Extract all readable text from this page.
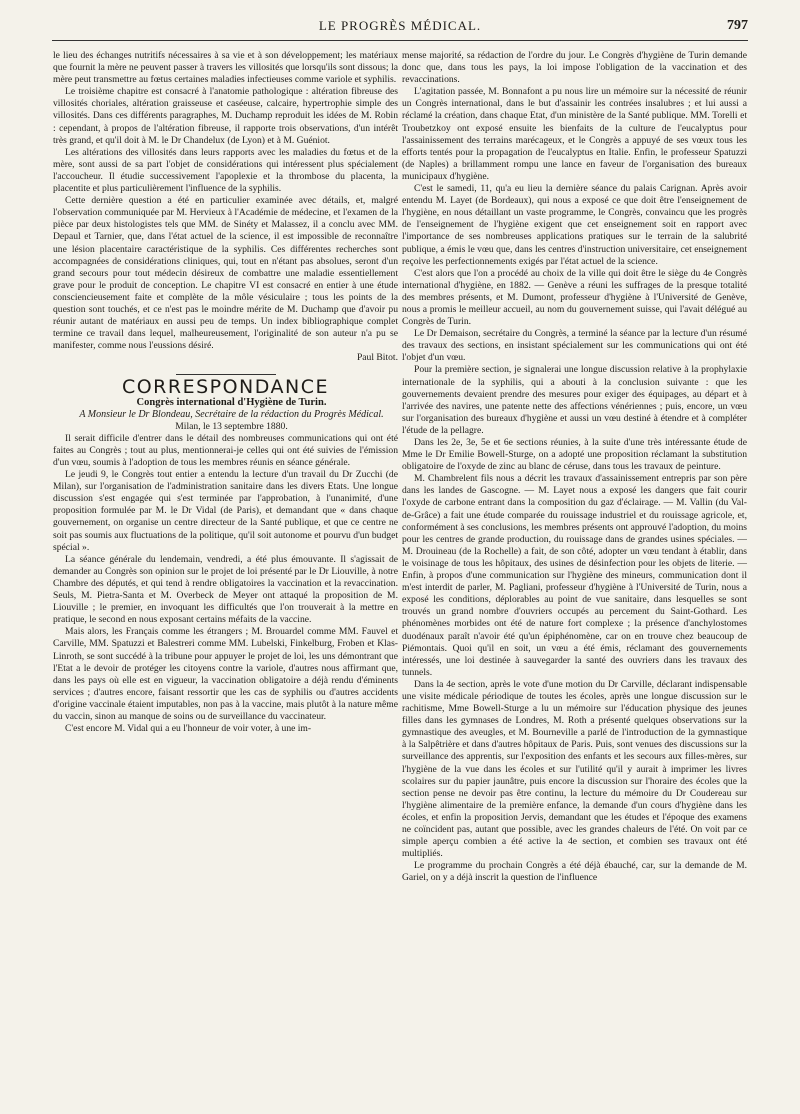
LE PROGRÈS MÉDICAL.	797

le lieu des échanges nutritifs nécessaires à sa vie et à son développement; les matériaux que fournit la mère ne peuvent passer à travers les villosités que lorsqu'ils sont dissous; la mère peut transmettre au fœtus certaines maladies infectieuses comme variole et syphilis.

Le troisième chapitre est consacré à l'anatomie pathologique : altération fibreuse des villosités choriales, altération graisseuse et caséeuse, calcaire, hypertrophie simple des villosités. Dans ces différents paragraphes, M. Duchamp reproduit les idées de M. Robin : cependant, à propos de l'altération fibreuse, il rapporte trois observations, d'un intérêt très grand, et qu'il doit à M. le Dr Chandelux (de Lyon) et à M. Guéniot.

Les altérations des villosités dans leurs rapports avec les maladies du fœtus et de la mère, sont aussi de sa part l'objet de considérations qui intéressent plus spécialement l'accoucheur. Il étudie successivement l'apoplexie et la thrombose du placenta, la placentite et plus particulièrement l'influence de la syphilis.

Cette dernière question a été en particulier examinée avec détails, et, malgré l'observation communiquée par M. Hervieux à l'Académie de médecine, et l'examen de la pièce par deux histologistes tels que MM. de Sinéty et Malassez, il a conclu avec MM. Depaul et Tarnier, que, dans l'état actuel de la science, il est impossible de reconnaître une lésion placentaire caractéristique de la syphilis. Ces différentes recherches sont accompagnées de considérations cliniques, qui, tout en n'étant pas absolues, seront d'un grand secours pour tout médecin désireux de combattre une maladie essentiellement grave pour le produit de conception. Le chapitre VI est consacré en entier à une étude consciencieusement faite et complète de la môle vésiculaire ; tous les points de la question sont touchés, et ce n'est pas le moindre mérite de M. Duchamp que d'avoir pu réunir autant de matériaux en aussi peu de temps. Un index bibliographique complet termine ce travail dans lequel, malheureusement, l'originalité de son auteur n'a pu se manifester, comme nous l'eussions désiré.

Paul Bitot.

CORRESPONDANCE

Congrès international d'Hygiène de Turin.

A Monsieur le Dr Blondeau, Secrétaire de la rédaction du Progrès Médical.

Milan, le 13 septembre 1880.

Il serait difficile d'entrer dans le détail des nombreuses communications qui ont été faites au Congrès ; tout au plus, mentionnerai-je celles qui ont été suivies de l'émission d'un vœu, soumis à l'adoption de tous les membres réunis en séance générale.

Le jeudi 9, le Congrès tout entier a entendu la lecture d'un travail du Dr Zucchi (de Milan), sur l'organisation de l'administration sanitaire dans les divers Etats. Une longue discussion s'est engagée qui s'est terminée par l'approbation, à l'unanimité, d'une proposition formulée par M. le Dr Vidal (de Paris), et demandant que « dans chaque gouvernement, on organise un centre directeur de la Santé publique, et que ce centre ne soit pas soumis aux fluctuations de la politique, qu'il soit autonome et pourvu d'un budget spécial ».

La séance générale du lendemain, vendredi, a été plus émouvante. Il s'agissait de demander au Congrès son opinion sur le projet de loi présenté par le Dr Liouville, à notre Chambre des députés, et qui tend à rendre obligatoires la vaccination et la revaccination. Seuls, M. Pietra-Santa et M. Overbeck de Meyer ont attaqué la proposition de M. Liouville ; le premier, en invoquant les difficultés que l'on trouverait à la mettre en pratique, le second en nous exposant certains méfaits de la vaccine.

Mais alors, les Français comme les étrangers ; M. Brouardel comme MM. Fauvel et Carville, MM. Spatuzzi et Balestreri comme MM. Lubelski, Finkelburg, Froben et Klas-Linroth, se sont succédé à la tribune pour appuyer le projet de loi, les uns démontrant que l'Etat a le devoir de protéger les citoyens contre la variole, d'autres nous affirmant que, dans les pays où elle est en vigueur, la vaccination obligatoire a déjà rendu d'éminents services ; d'autres encore, faisant ressortir que les cas de syphilis ou d'autres accidents d'origine vaccinale étaient imputables, non pas à la vaccine, mais plutôt à la nature même du vaccin, sinon au manque de soins ou de surveillance du vaccinateur.

C'est encore M. Vidal qui a eu l'honneur de voir voter, à une im-

mense majorité, sa rédaction de l'ordre du jour. Le Congrès d'hygiène de Turin demande donc que, dans tous les pays, la loi impose l'obligation de la vaccination et des revaccinations.

L'agitation passée, M. Bonnafont a pu nous lire un mémoire sur la nécessité de réunir un Congrès international, dans le but d'assainir les contrées insalubres ; et lui aussi a réclamé la création, dans chaque Etat, d'un ministère de la Santé publique. MM. Torelli et Troubetzkoy ont exposé ensuite les bienfaits de la culture de l'eucalyptus pour l'assainissement des terrains marécageux, et le Congrès a appuyé de ses vœux tous les efforts tentés pour la propagation de l'eucalyptus en Italie. Enfin, le professeur Spatuzzi (de Naples) a brillamment rompu une lance en faveur de l'organisation des bureaux municipaux d'hygiène.

C'est le samedi, 11, qu'a eu lieu la dernière séance du palais Carignan. Après avoir entendu M. Layet (de Bordeaux), qui nous a exposé ce que doit être l'enseignement de l'hygiène, en nous détaillant un vaste programme, le Congrès, convaincu que les progrès de l'enseignement de l'hygiène exigent que cet enseignement soit en rapport avec l'importance de ses nombreuses applications pratiques sur le terrain de la salubrité publique, a émis le vœu que, dans les centres d'instruction universitaire, cet enseignement reçoive les perfectionnements exigés par l'état actuel de la science.

C'est alors que l'on a procédé au choix de la ville qui doit être le siège du 4e Congrès international d'hygiène, en 1882. — Genève a réuni les suffrages de la presque totalité des membres présents, et M. Dumont, professeur d'hygiène à l'Université de Genève, nous a promis le meilleur accueil, au nom du gouvernement suisse, qui l'avait délégué au Congrès de Turin.

Le Dr Demaison, secrétaire du Congrès, a terminé la séance par la lecture d'un résumé des travaux des sections, en insistant spécialement sur les communications qui ont été l'objet d'un vœu.

Pour la première section, je signalerai une longue discussion relative à la prophylaxie internationale de la syphilis, qui a abouti à la conclusion suivante : que les gouvernements devaient prendre des mesures pour exiger des équipages, au départ et à l'arrivée des navires, une patente nette des affections vénériennes ; puis, encore, un vœu sur l'organisation des bureaux d'hygiène et aussi un vœu destiné à étendre et à compléter l'étude de la pellagre.

Dans les 2e, 3e, 5e et 6e sections réunies, à la suite d'une très intéressante étude de Mme le Dr Emilie Bowell-Sturge, on a adopté une proposition réclamant la substitution obligatoire de l'oxyde de zinc au blanc de céruse, dans tous les travaux de peinture.

M. Chambrelent fils nous a décrit les travaux d'assainissement entrepris par son père dans les landes de Gascogne. — M. Layet nous a exposé les dangers que fait courir l'oxyde de carbone entrant dans la composition du gaz d'éclairage. — M. Vallin (du Val-de-Grâce) a fait une étude comparée du rouissage industriel et du rouissage agricole, et, conformément à ses conclusions, les membres présents ont approuvé l'adoption, du moins pour les centres de grande production, du rouissage dans de grandes usines spéciales. — M. Drouineau (de la Rochelle) a fait, de son côté, adopter un vœu tendant à établir, dans le voisinage de tous les hôpitaux, des usines de désinfection pour les objets de literie. — Enfin, à propos d'une communication sur l'hygiène des mineurs, communication dont il m'est interdit de parler, M. Pagliani, professeur d'hygiène à l'Université de Turin, nous a exposé les conditions, déplorables au point de vue sanitaire, dans lesquelles se sont trouvés un grand nombre d'ouvriers occupés au percement du Saint-Gothard. Les phénomènes morbides ont été de nature fort complexe ; la présence d'anchylostomes duodénaux paraît n'avoir été qu'un épiphénomène, car on en trouve chez beaucoup de Piémontais. Quoi qu'il en soit, un vœu a été émis, réclamant des gouvernements intéressés, une loi destinée à sauvegarder la santé des ouvriers dans les travaux des tunnels.

Dans la 4e section, après le vote d'une motion du Dr Carville, déclarant indispensable une visite médicale périodique de toutes les écoles, après une longue discussion sur le rachitisme, Mme Bowell-Sturge a lu un mémoire sur l'éducation physique des jeunes filles dans les gymnases de Londres, M. Roth a présenté quelques observations sur la gymnastique des aveugles, et M. Bourneville a parlé de l'introduction de la gymnastique à la Salpêtrière et dans d'autres hôpitaux de Paris. Puis, sont venues des discussions sur la surveillance des apprentis, sur l'exposition des enfants et les secours aux filles-mères, sur l'hygiène de la vue dans les écoles et sur l'utilité qu'il y aurait à imprimer les livres scolaires sur du papier jaunâtre, puis encore la discussion sur l'horaire des écoles que la section pense ne devoir pas être continu, la lecture du mémoire du Dr Coudereau sur l'hygiène alimentaire de la première enfance, la demande d'un cours d'hygiène dans les écoles, et enfin la proposition Jervis, demandant que les études et l'époque des examens ne coïncident pas, autant que possible, avec les grandes chaleurs de l'été. On voit par ce simple aperçu combien a été active la 4e section, et combien ses travaux ont été multipliés.

Le programme du prochain Congrès a été déjà ébauché, car, sur la demande de M. Gariel, on y a déjà inscrit la question de l'influence
